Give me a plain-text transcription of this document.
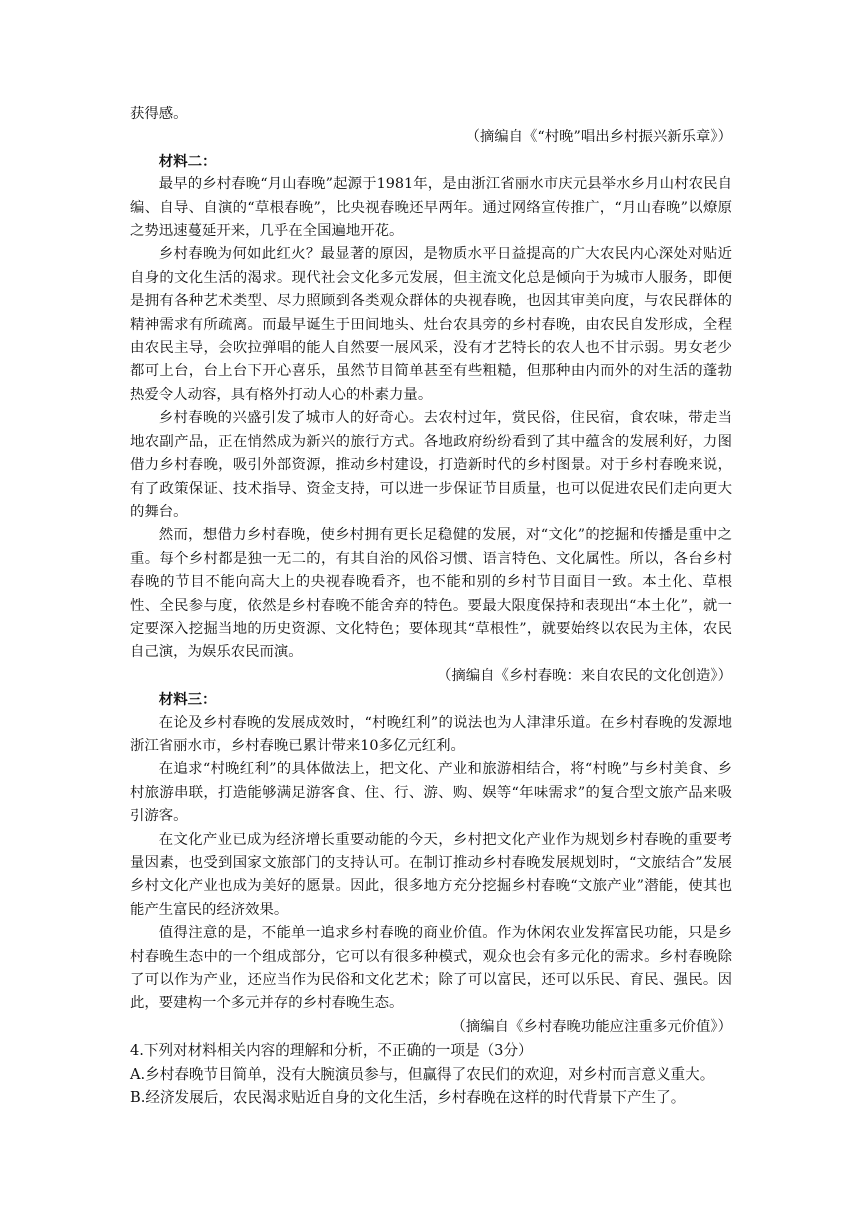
获得感。

（摘编自《“村晚”唱出乡村振兴新乐章》）

材料二：

最早的乡村春晚“月山春晚”起源于1981年，是由浙江省丽水市庆元县举水乡月山村农民自编、自导、自演的“草根春晚”，比央视春晚还早两年。通过网络宣传推广，“月山春晚”以燎原之势迅速蔓延开来，几乎在全国遍地开花。

乡村春晚为何如此红火？最显著的原因，是物质水平日益提高的广大农民内心深处对贴近自身的文化生活的渴求。现代社会文化多元发展，但主流文化总是倾向于为城市人服务，即便是拥有各种艺术类型、尽力照顾到各类观众群体的央视春晚，也因其审美向度，与农民群体的精神需求有所疏离。而最早诞生于田间地头、灶台农具旁的乡村春晚，由农民自发形成，全程由农民主导，会吹拉弹唱的能人自然要一展风采，没有才艺特长的农人也不甘示弱。男女老少都可上台，台上台下开心喜乐，虽然节目简单甚至有些粗糙，但那种由内而外的对生活的蓬勃热爱令人动容，具有格外打动人心的朴素力量。

乡村春晚的兴盛引发了城市人的好奇心。去农村过年，赏民俗，住民宿，食农味，带走当地农副产品，正在悄然成为新兴的旅行方式。各地政府纷纷看到了其中蕴含的发展利好，力图借力乡村春晚，吸引外部资源，推动乡村建设，打造新时代的乡村图景。对于乡村春晚来说，有了政策保证、技术指导、资金支持，可以进一步保证节目质量，也可以促进农民们走向更大的舞台。

然而，想借力乡村春晚，使乡村拥有更长足稳健的发展，对“文化”的挖掘和传播是重中之重。每个乡村都是独一无二的，有其自治的风俗习惯、语言特色、文化属性。所以，各台乡村春晚的节目不能向高大上的央视春晚看齐，也不能和别的乡村节目面目一致。本土化、草根性、全民参与度，依然是乡村春晚不能舍弃的特色。要最大限度保持和表现出“本土化”，就一定要深入挖掘当地的历史资源、文化特色；要体现其“草根性”，就要始终以农民为主体，农民自己演，为娱乐农民而演。

（摘编自《乡村春晚：来自农民的文化创造》）

材料三：

在论及乡村春晚的发展成效时，“村晚红利”的说法也为人津津乐道。在乡村春晚的发源地浙江省丽水市，乡村春晚已累计带来10多亿元红利。

在追求“村晚红利”的具体做法上，把文化、产业和旅游相结合，将“村晚”与乡村美食、乡村旅游串联，打造能够满足游客食、住、行、游、购、娱等“年味需求”的复合型文旅产品来吸引游客。

在文化产业已成为经济增长重要动能的今天，乡村把文化产业作为规划乡村春晚的重要考量因素，也受到国家文旅部门的支持认可。在制订推动乡村春晚发展规划时，“文旅结合”发展乡村文化产业也成为美好的愿景。因此，很多地方充分挖掘乡村春晚“文旅产业”潜能，使其也能产生富民的经济效果。

值得注意的是，不能单一追求乡村春晚的商业价值。作为休闲农业发挥富民功能，只是乡村春晚生态中的一个组成部分，它可以有很多种模式，观众也会有多元化的需求。乡村春晚除了可以作为产业，还应当作为民俗和文化艺术；除了可以富民，还可以乐民、育民、强民。因此，要建构一个多元并存的乡村春晚生态。

（摘编自《乡村春晚功能应注重多元价值》）

4.下列对材料相关内容的理解和分析，不正确的一项是（3分）

A.乡村春晚节目简单，没有大腕演员参与，但赢得了农民们的欢迎，对乡村而言意义重大。

B.经济发展后，农民渴求贴近自身的文化生活，乡村春晚在这样的时代背景下产生了。
